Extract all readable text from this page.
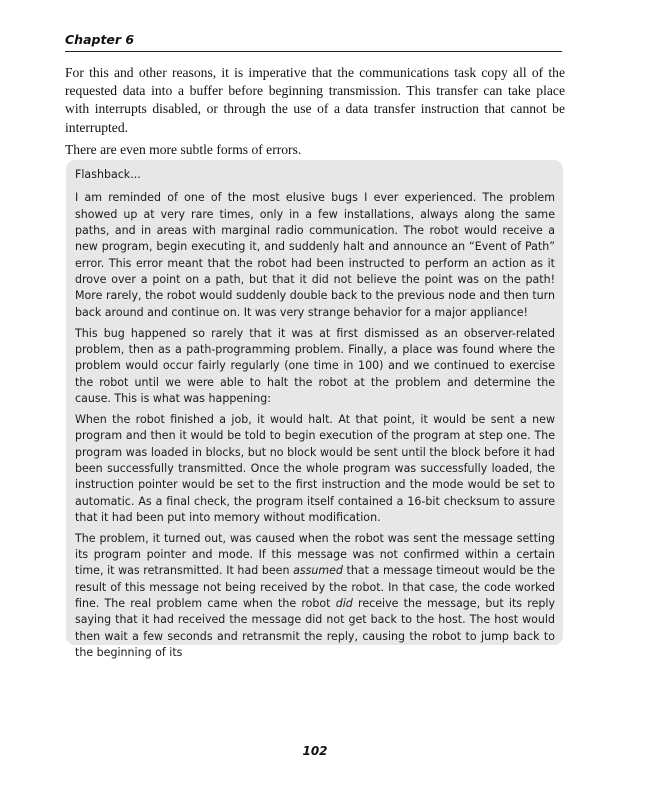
Chapter 6

For this and other reasons, it is imperative that the communications task copy all of the requested data into a buffer before beginning transmission. This transfer can take place with interrupts disabled, or through the use of a data transfer instruction that cannot be interrupted.

There are even more subtle forms of errors.

Flashback...

I am reminded of one of the most elusive bugs I ever experienced. The problem showed up at very rare times, only in a few installations, always along the same paths, and in areas with marginal radio communication. The robot would receive a new program, begin executing it, and suddenly halt and announce an “Event of Path” error. This error meant that the robot had been instructed to perform an action as it drove over a point on a path, but that it did not believe the point was on the path! More rarely, the robot would suddenly double back to the previous node and then turn back around and continue on. It was very strange behavior for a major appliance!

This bug happened so rarely that it was at first dismissed as an observer-related problem, then as a path-programming problem. Finally, a place was found where the problem would occur fairly regularly (one time in 100) and we continued to exercise the robot until we were able to halt the robot at the problem and determine the cause. This is what was happening:

When the robot finished a job, it would halt. At that point, it would be sent a new program and then it would be told to begin execution of the program at step one. The program was loaded in blocks, but no block would be sent until the block before it had been successfully transmitted. Once the whole program was successfully loaded, the instruction pointer would be set to the first instruction and the mode would be set to automatic. As a final check, the program itself contained a 16-bit checksum to assure that it had been put into memory without modification.

The problem, it turned out, was caused when the robot was sent the message setting its program pointer and mode. If this message was not confirmed within a certain time, it was retransmitted. It had been assumed that a message timeout would be the result of this message not being received by the robot. In that case, the code worked fine. The real problem came when the robot did receive the message, but its reply saying that it had received the message did not get back to the host. The host would then wait a few seconds and retransmit the reply, causing the robot to jump back to the beginning of its

102
